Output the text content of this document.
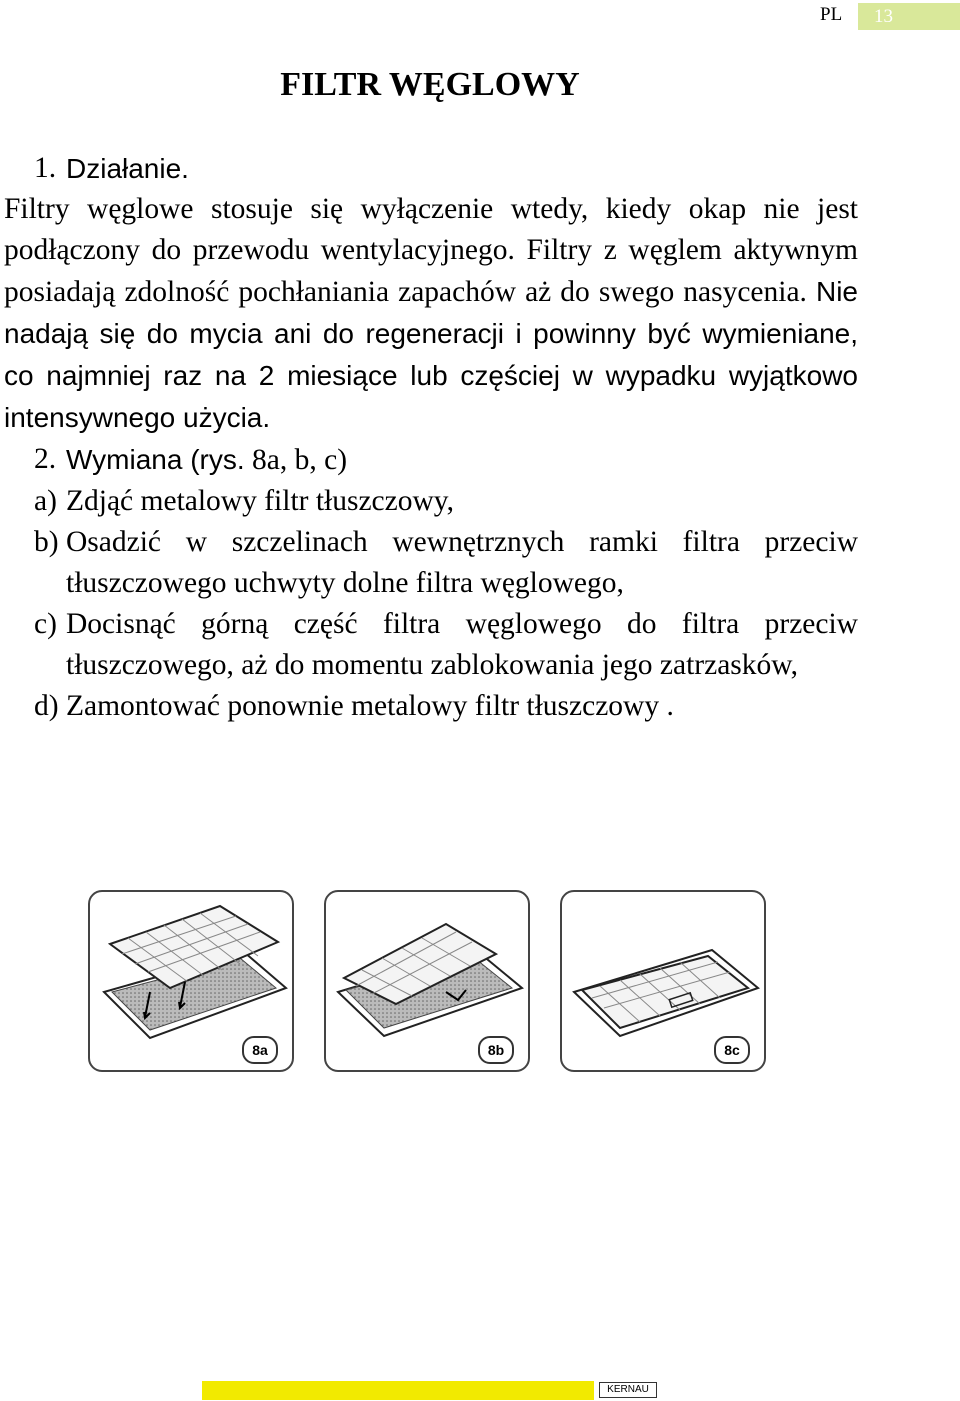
PL	13
FILTR WĘGLOWY
1. Działanie.
Filtry węglowe stosuje się wyłączenie wtedy, kiedy okap nie jest podłączony do przewodu wentylacyjnego. Filtry z węglem aktywnym posiadają zdolność pochłaniania zapachów aż do swego nasycenia. Nie nadają się do mycia ani do regeneracji i powinny być wymieniane, co najmniej raz na 2 miesiące lub częściej w wypadku wyjątkowo intensywnego użycia.
2. Wymiana (rys. 8a, b, c)
a) Zdjąć metalowy filtr tłuszczowy,
b) Osadzić w szczelinach wewnętrznych ramki filtra przeciw tłuszczowego uchwyty dolne filtra węglowego,
c) Docisnąć górną część filtra węglowego do filtra przeciw tłuszczowego, aż do momentu zablokowania jego zatrzasków,
d) Zamontować ponownie metalowy filtr tłuszczowy .
8a	8b	8c
KERNAU
